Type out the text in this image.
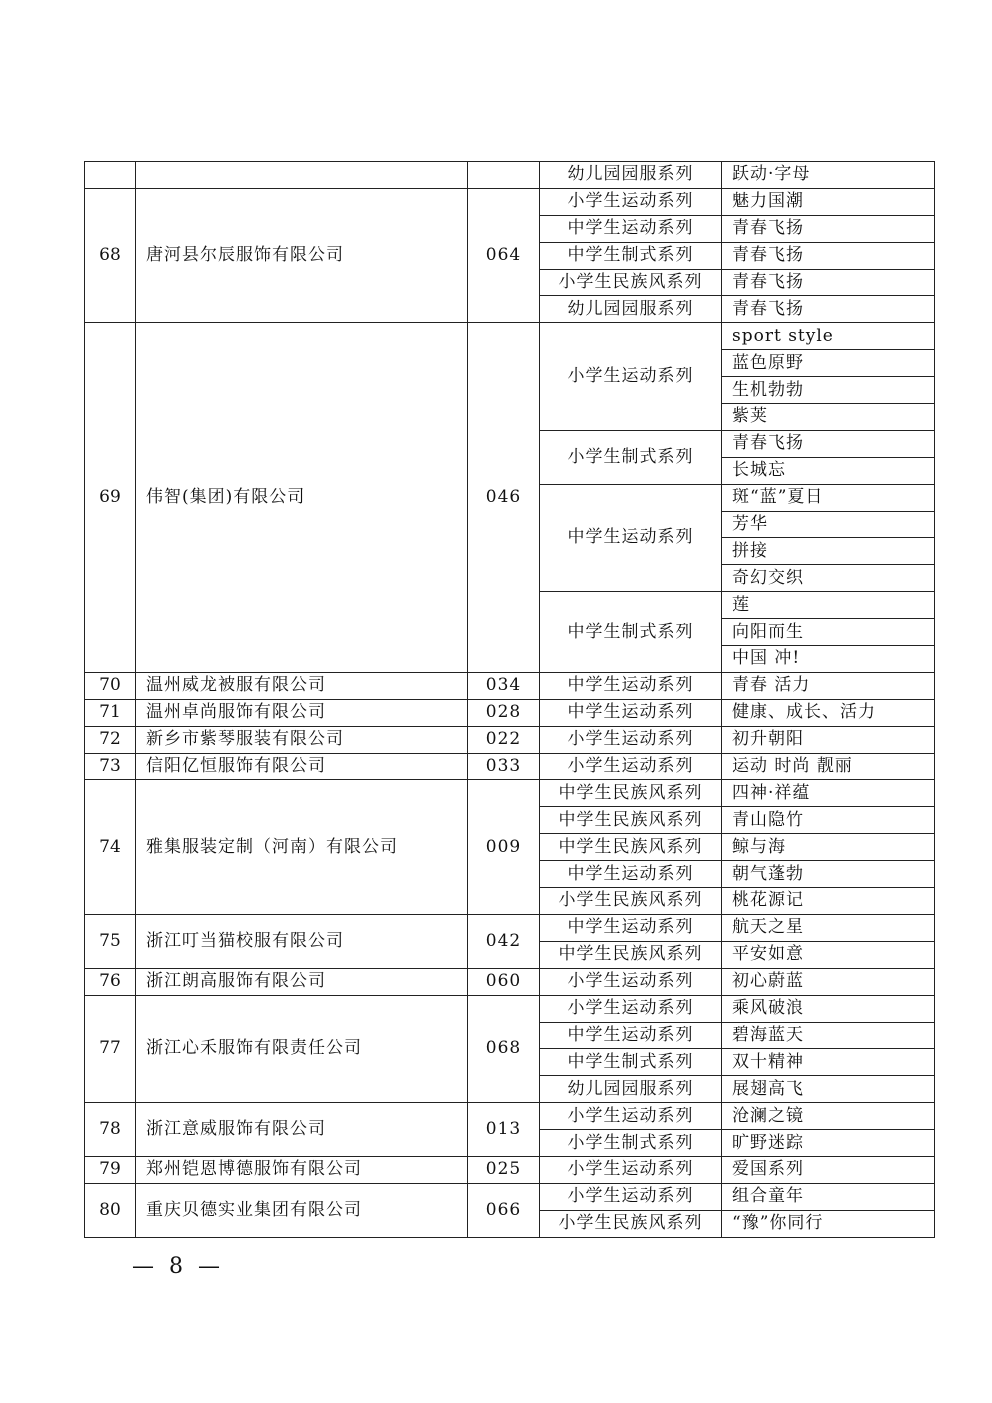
			幼儿园园服系列	跃动·字母
68	唐河县尔辰服饰有限公司	064	小学生运动系列	魅力国潮
			中学生运动系列	青春飞扬
			中学生制式系列	青春飞扬
			小学生民族风系列	青春飞扬
			幼儿园园服系列	青春飞扬
69	伟智(集团)有限公司	046	小学生运动系列	sport style
				蓝色原野
				生机勃勃
				紫荚
			小学生制式系列	青春飞扬
				长城忘
			中学生运动系列	斑“蓝”夏日
				芳华
				拼接
				奇幻交织
			中学生制式系列	莲
				向阳而生
				中国 冲!
70	温州威龙被服有限公司	034	中学生运动系列	青春 活力
71	温州卓尚服饰有限公司	028	中学生运动系列	健康、成长、活力
72	新乡市紫琴服装有限公司	022	小学生运动系列	初升朝阳
73	信阳亿恒服饰有限公司	033	小学生运动系列	运动 时尚 靓丽
74	雅集服装定制（河南）有限公司	009	中学生民族风系列	四神·祥蕴
			中学生民族风系列	青山隐竹
			中学生民族风系列	鲸与海
			中学生运动系列	朝气蓬勃
			小学生民族风系列	桃花源记
75	浙江叮当猫校服有限公司	042	中学生运动系列	航天之星
			中学生民族风系列	平安如意
76	浙江朗高服饰有限公司	060	小学生运动系列	初心蔚蓝
77	浙江心禾服饰有限责任公司	068	小学生运动系列	乘风破浪
			中学生运动系列	碧海蓝天
			中学生制式系列	双十精神
			幼儿园园服系列	展翅高飞
78	浙江意威服饰有限公司	013	小学生运动系列	沧澜之镜
			小学生制式系列	旷野迷踪
79	郑州铠恩博德服饰有限公司	025	小学生运动系列	爱国系列
80	重庆贝德实业集团有限公司	066	小学生运动系列	组合童年
			小学生民族风系列	“豫”你同行
— 8 —
